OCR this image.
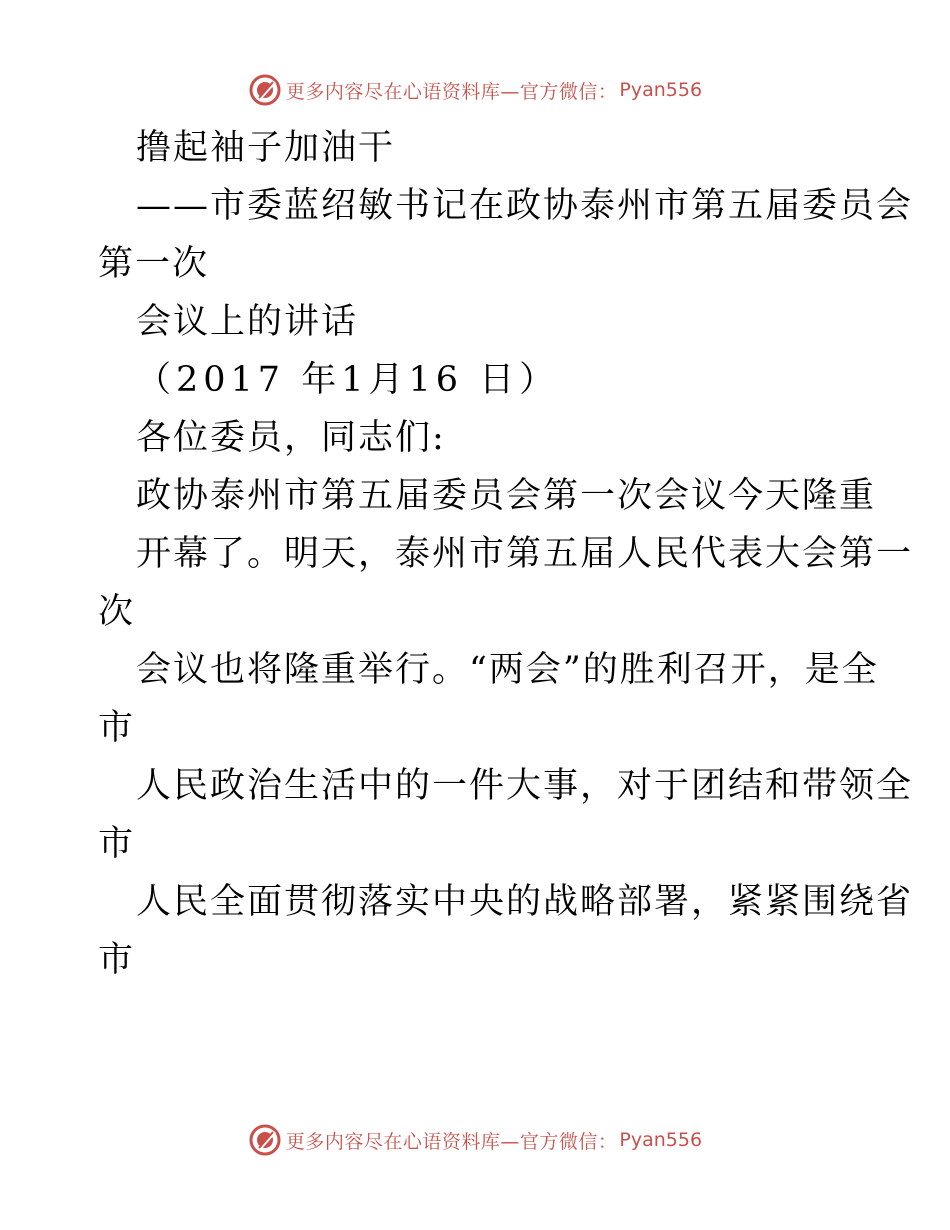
更多内容尽在心语资料库—官方微信： Pyan556
撸起袖子加油干
——市委蓝绍敏书记在政协泰州市第五届委员会
第一次
会议上的讲话
（2017 年1月16 日）
各位委员，同志们:
政协泰州市第五届委员会第一次会议今天隆重
开幕了。明天，泰州市第五届人民代表大会第一
次
会议也将隆重举行。“两会”的胜利召开，是全
市
人民政治生活中的一件大事，对于团结和带领全
市
人民全面贯彻落实中央的战略部署，紧紧围绕省
市
更多内容尽在心语资料库—官方微信： Pyan556
